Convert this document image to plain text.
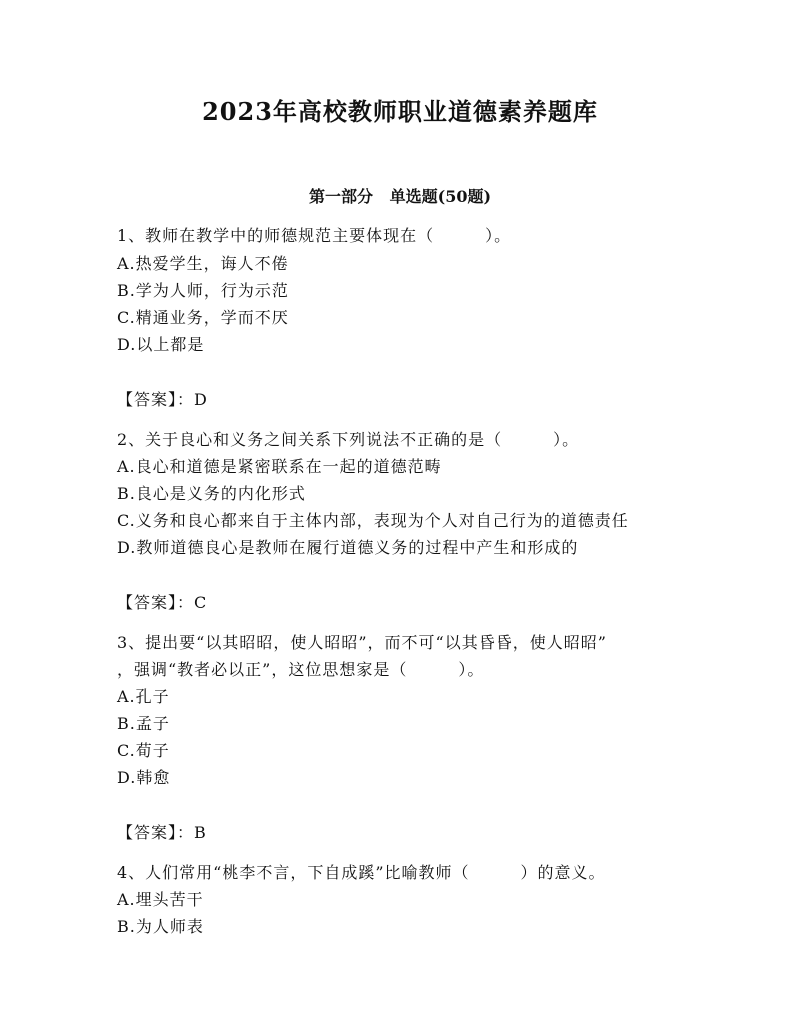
2023年高校教师职业道德素养题库
第一部分   单选题(50题)
1、教师在教学中的师德规范主要体现在（　　　）。
A.热爱学生，诲人不倦
B.学为人师，行为示范
C.精通业务，学而不厌
D.以上都是
【答案】：D
2、关于良心和义务之间关系下列说法不正确的是（　　　）。
A.良心和道德是紧密联系在一起的道德范畴
B.良心是义务的内化形式
C.义务和良心都来自于主体内部，表现为个人对自己行为的道德责任
D.教师道德良心是教师在履行道德义务的过程中产生和形成的
【答案】：C
3、提出要“以其昭昭，使人昭昭”，而不可“以其昏昏，使人昭昭”
，强调“教者必以正”，这位思想家是（　　　）。
A.孔子
B.孟子
C.荀子
D.韩愈
【答案】：B
4、人们常用“桃李不言，下自成蹊”比喻教师（　　　）的意义。
A.埋头苦干
B.为人师表
